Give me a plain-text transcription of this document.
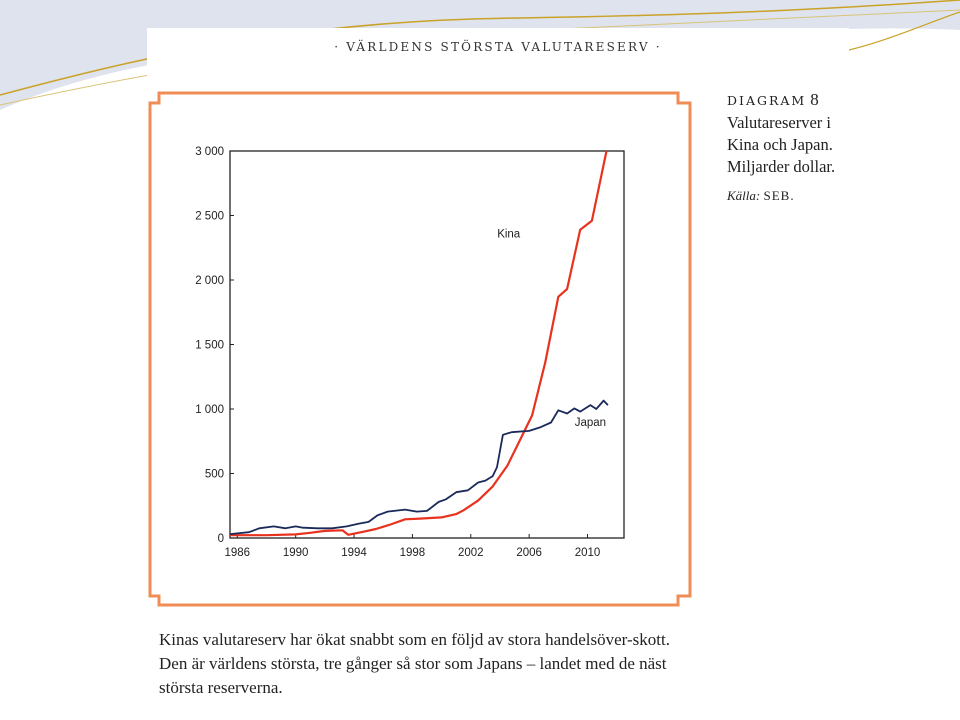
· VÄRLDENS STÖRSTA VALUTARESERV ·
0
500
1 000
1 500
2 000
2 500
3 000
1986	1990	1994	1998	2002	2006	2010
Kina
Japan
DIAGRAM 8
Valutareserver i Kina och Japan. Miljarder dollar.
Källa: SEB.
Kinas valutareserv har ökat snabbt som en följd av stora handelsöver-skott. Den är världens största, tre gånger så stor som Japans – landet med de näst största reserverna.
